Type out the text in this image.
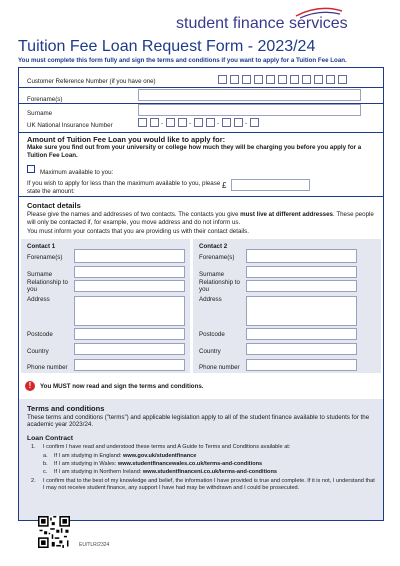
student finance services
Tuition Fee Loan Request Form - 2023/24
You must complete this form fully and sign the terms and conditions if you want to apply for a Tuition Fee Loan.
Customer Reference Number (if you have one)
Forename(s)
Surname
UK National Insurance Number	-	-	-	-
Amount of Tuition Fee Loan you would like to apply for:
Make sure you find out from your university or college how much they will be charging you before you apply for a Tuition Fee Loan.
Maximum available to you:
If you wish to apply for less than the maximum available to you, please state the amount:
£
Contact details
Please give the names and addresses of two contacts. The contacts you give must live at different addresses. These people will only be contacted if, for example, you move address and do not inform us.
You must inform your contacts that you are providing us with their contact details.
Contact 1
Forename(s)
Surname
Relationship to you
Address
Postcode
Country
Phone number
Contact 2
Forename(s)
Surname
Relationship to you
Address
Postcode
Country
Phone number
!	You MUST now read and sign the terms and conditions.
Terms and conditions
These terms and conditions ("terms") and applicable legislation apply to all of the student finance available to students for the academic year 2023/24.
Loan Contract
1. I confirm I have read and understood these terms and A Guide to Terms and Conditions available at:
a. If I am studying in England: www.gov.uk/studentfinance
b. If I am studying in Wales: www.studentfinancewales.co.uk/terms-and-conditions
c. If I am studying in Northern Ireland: www.studentfinanceni.co.uk/terms-and-conditions
2. I confirm that to the best of my knowledge and belief, the information I have provided is true and complete. If it is not, I understand that I may not receive student finance, any support I have had may be withdrawn and I could be prosecuted.
EU/TLR/2324
